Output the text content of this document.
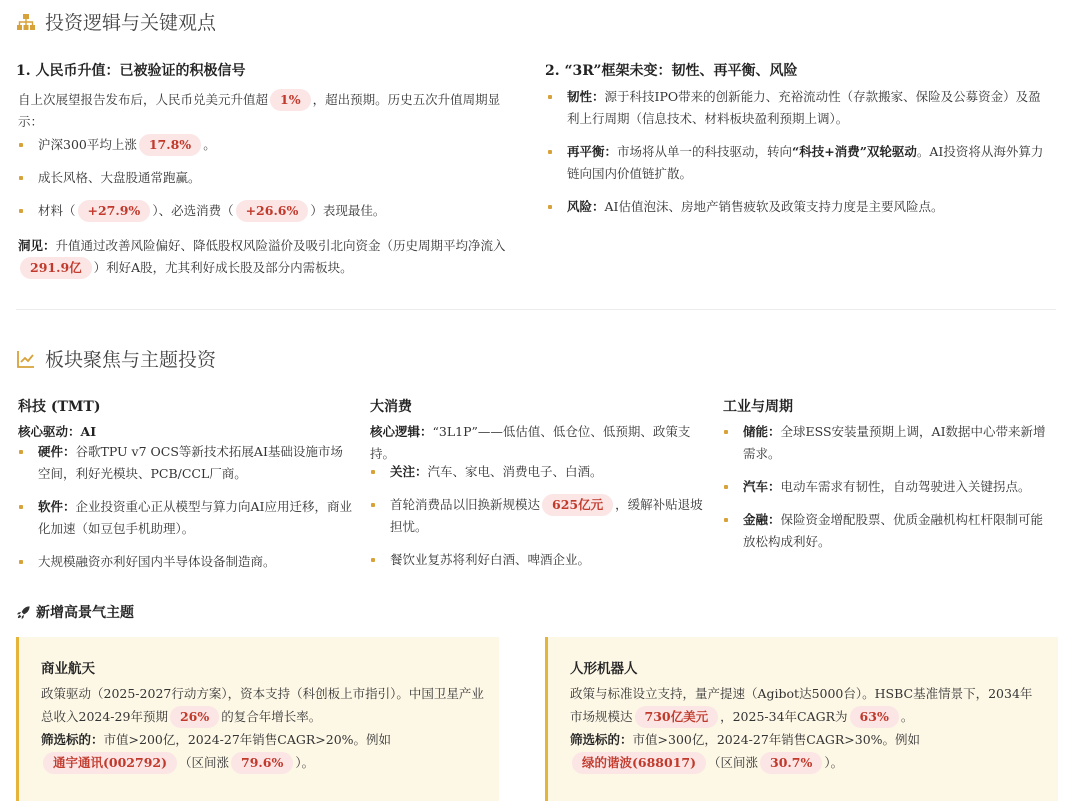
投资逻辑与关键观点
1. 人民币升值：已被验证的积极信号
自上次展望报告发布后，人民币兑美元升值超 1% ，超出预期。历史五次升值周期显示：
沪深300平均上涨 17.8% 。
成长风格、大盘股通常跑赢。
材料（ +27.9% ）、必选消费（ +26.6% ）表现最佳。
洞见：升值通过改善风险偏好、降低股权风险溢价及吸引北向资金（历史周期平均净流入291.9亿 ）利好A股，尤其利好成长股及部分内需板块。
2. “3R”框架未变：韧性、再平衡、风险
韧性：源于科技IPO带来的创新能力、充裕流动性（存款搬家、保险及公募资金）及盈利上行周期（信息技术、材料板块盈利预期上调）。
再平衡：市场将从单一的科技驱动，转向“科技+消费”双轮驱动。AI投资将从海外算力链向国内价值链扩散。
风险：AI估值泡沫、房地产销售疲软及政策支持力度是主要风险点。
板块聚焦与主题投资
科技 (TMT)
核心驱动：AI
硬件：谷歌TPU v7 OCS等新技术拓展AI基础设施市场空间，利好光模块、PCB/CCL厂商。
软件：企业投资重心正从模型与算力向AI应用迁移，商业化加速（如豆包手机助理）。
大规模融资亦利好国内半导体设备制造商。
大消费
核心逻辑：“3L1P”——低估值、低仓位、低预期、政策支持。
关注：汽车、家电、消费电子、白酒。
首轮消费品以旧换新规模达 625亿元 ，缓解补贴退坡担忧。
餐饮业复苏将利好白酒、啤酒企业。
工业与周期
储能：全球ESS安装量预期上调，AI数据中心带来新增需求。
汽车：电动车需求有韧性，自动驾驶进入关键拐点。
金融：保险资金增配股票、优质金融机构杠杆限制可能放松构成利好。
新增高景气主题
商业航天
政策驱动（2025-2027行动方案），资本支持（科创板上市指引）。中国卫星产业总收入2024-29年预期 26% 的复合年增长率。
筛选标的：市值>200亿，2024-27年销售CAGR>20%。例如
通宇通讯(002792) （区间涨 79.6% ）。
人形机器人
政策与标准设立支持，量产提速（Agibot达5000台）。HSBC基准情景下，2034年市场规模达 730亿美元 ，2025-34年CAGR为 63% 。
筛选标的：市值>300亿，2024-27年销售CAGR>30%。例如
绿的谐波(688017) （区间涨 30.7% ）。
